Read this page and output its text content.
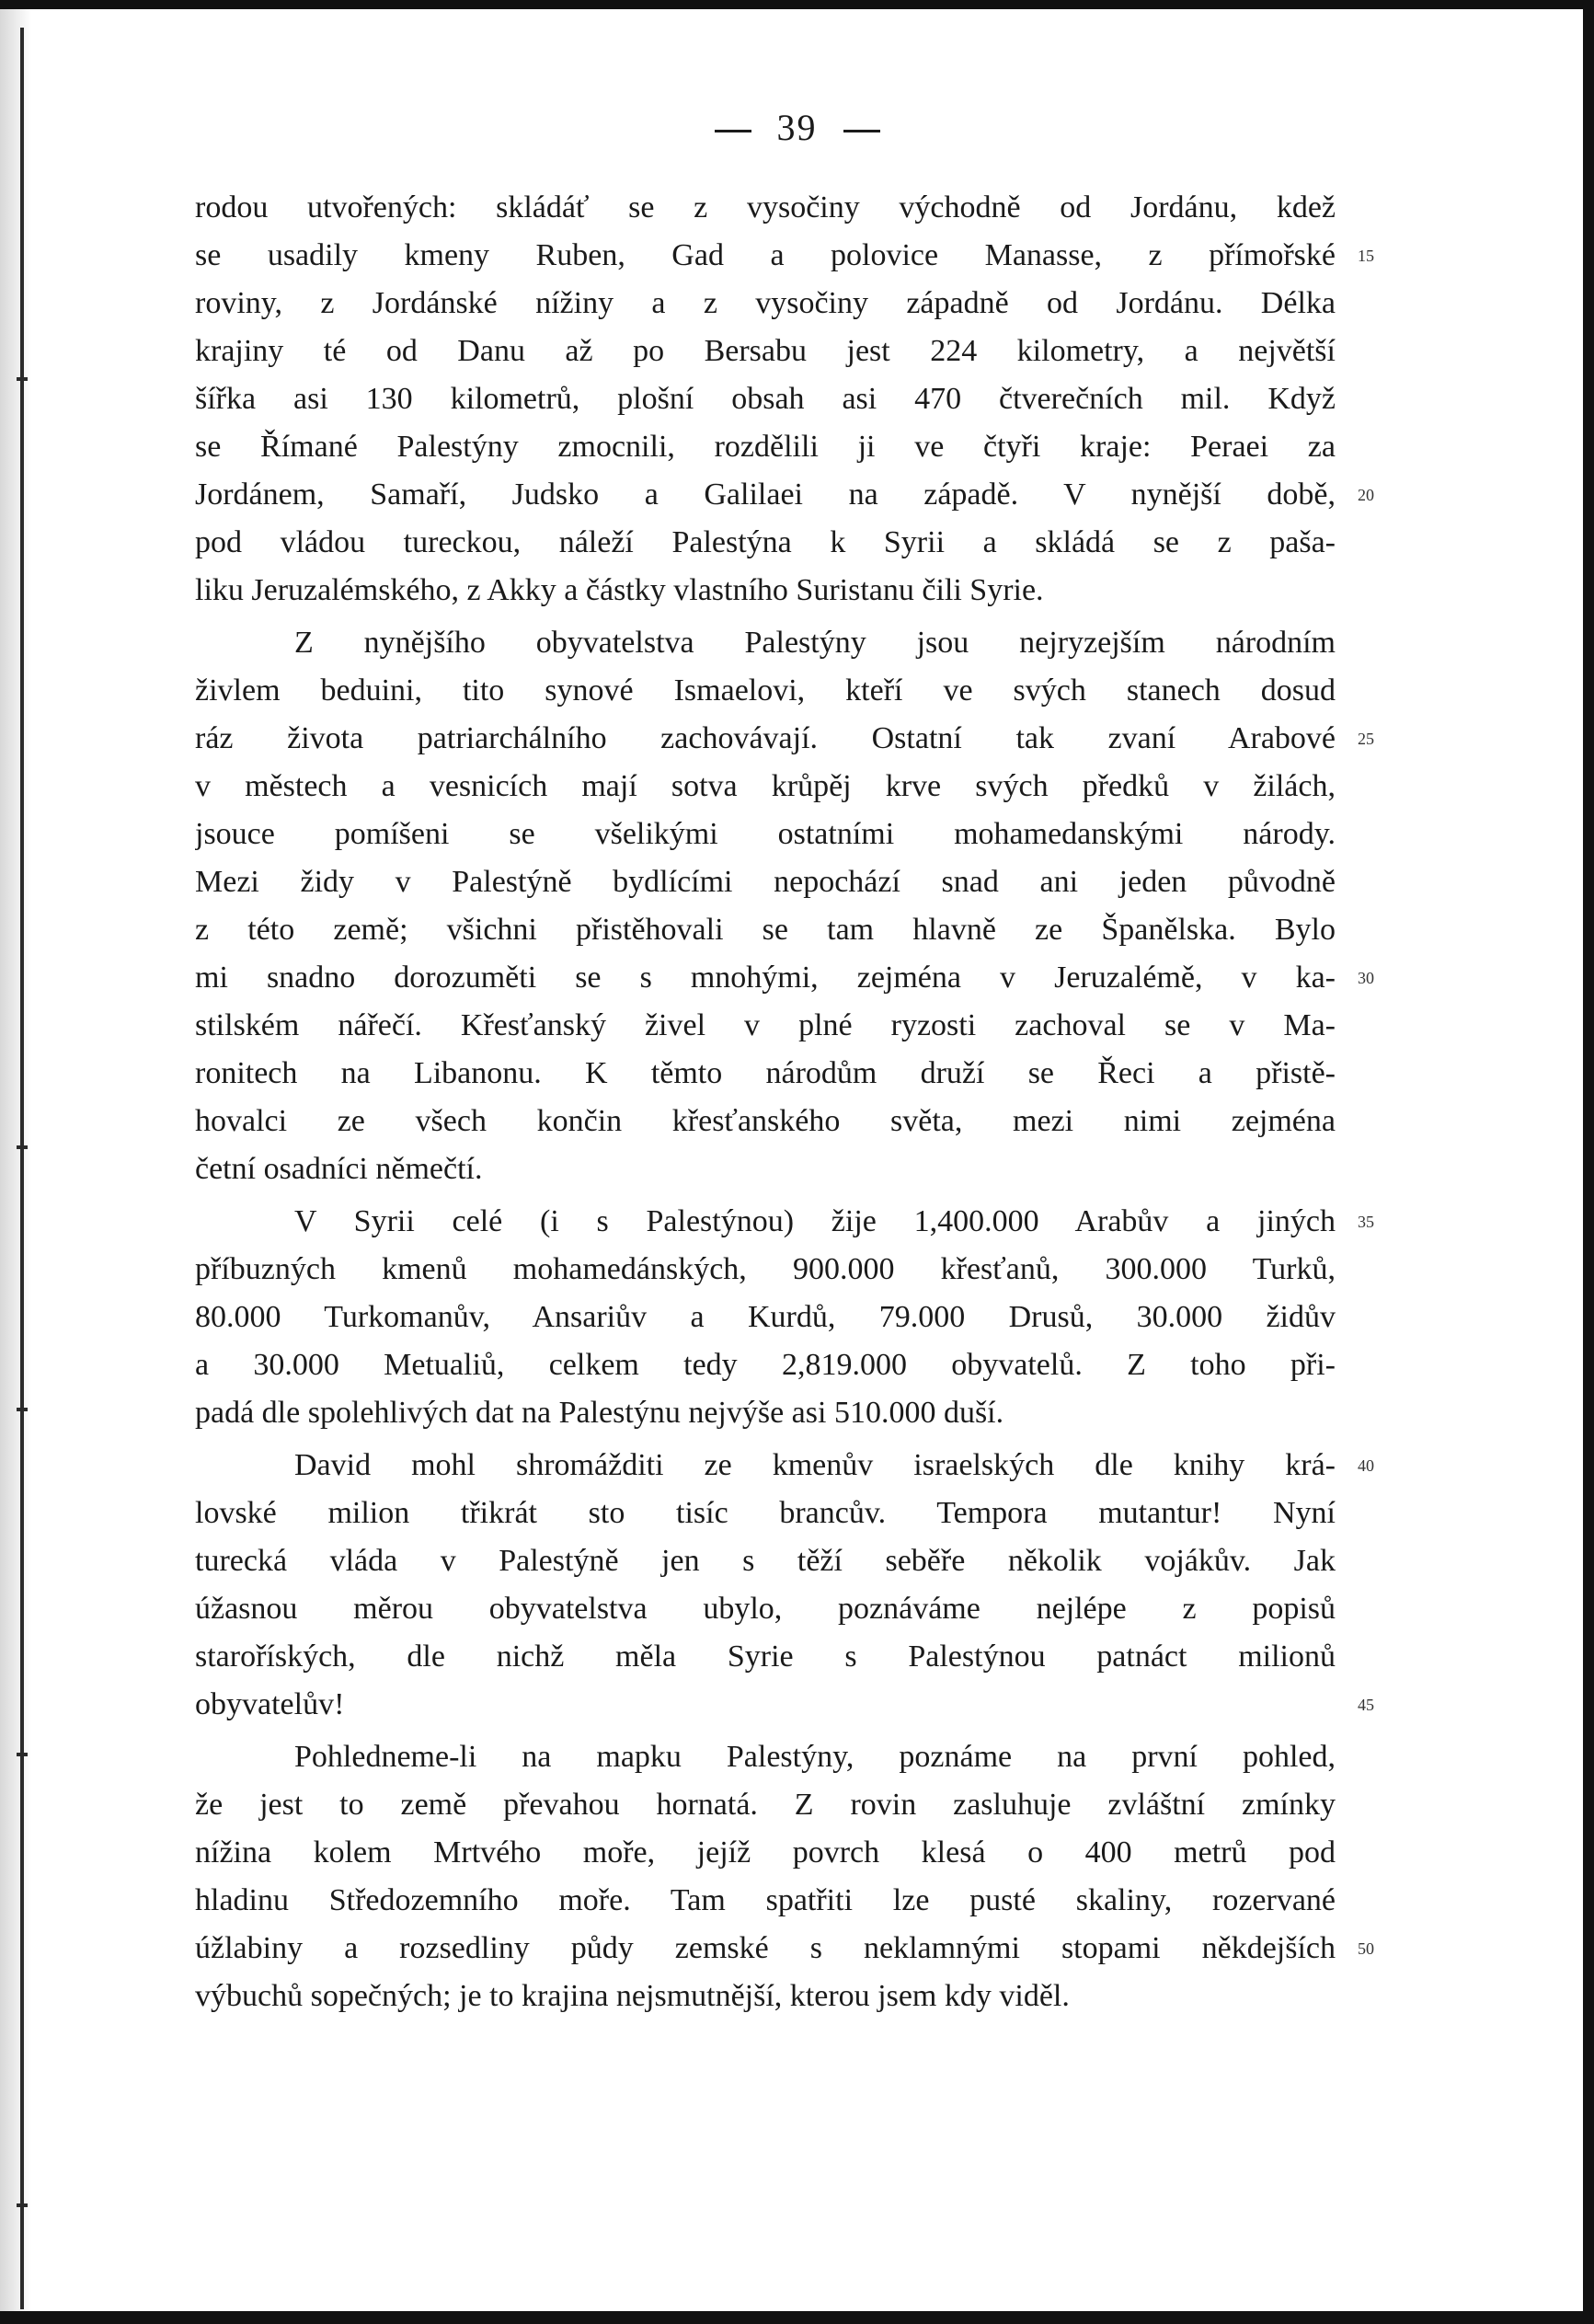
39
rodou utvořených: skládáť se z vysočiny východně od Jordánu, kdež
se usadily kmeny Ruben, Gad a polovice Manasse, z přímořské
roviny, z Jordánské nížiny a z vysočiny západně od Jordánu. Délka
krajiny té od Danu až po Bersabu jest 224 kilometry, a největší
šířka asi 130 kilometrů, plošní obsah asi 470 čtverečních mil. Když
se Římané Palestýny zmocnili, rozdělili ji ve čtyři kraje: Peraei za
Jordánem, Samaří, Judsko a Galilaei na západě. V nynější době,
pod vládou tureckou, náleží Palestýna k Syrii a skládá se z paša-
liku Jeruzalémského, z Akky a částky vlastního Suristanu čili Syrie.
Z nynějšího obyvatelstva Palestýny jsou nejryzejším národním
živlem beduini, tito synové Ismaelovi, kteří ve svých stanech dosud
ráz života patriarchálního zachovávají. Ostatní tak zvaní Arabové
v městech a vesnicích mají sotva krůpěj krve svých předků v žilách,
jsouce pomíšeni se všelikými ostatními mohamedanskými národy.
Mezi židy v Palestýně bydlícími nepochází snad ani jeden původně
z této země; všichni přistěhovali se tam hlavně ze Španělska. Bylo
mi snadno dorozuměti se s mnohými, zejména v Jeruzalémě, v ka-
stilském nářečí. Křesťanský živel v plné ryzosti zachoval se v Ma-
ronitech na Libanonu. K těmto národům druží se Řeci a přistě-
hovalci ze všech končin křesťanského světa, mezi nimi zejména
četní osadníci němečtí.
V Syrii celé (i s Palestýnou) žije 1,400.000 Arabův a jiných
příbuzných kmenů mohamedánských, 900.000 křesťanů, 300.000 Turků,
80.000 Turkomanův, Ansariův a Kurdů, 79.000 Drusů, 30.000 židův
a 30.000 Metualiů, celkem tedy 2,819.000 obyvatelů. Z toho při-
padá dle spolehlivých dat na Palestýnu nejvýše asi 510.000 duší.
David mohl shromážditi ze kmenův israelských dle knihy krá-
lovské milion třikrát sto tisíc brancův. Tempora mutantur! Nyní
turecká vláda v Palestýně jen s těží seběře několik vojákův. Jak
úžasnou měrou obyvatelstva ubylo, poznáváme nejlépe z popisů
staroříských, dle nichž měla Syrie s Palestýnou patnáct milionů
obyvatelův!
Pohledneme-li na mapku Palestýny, poznáme na první pohled,
že jest to země převahou hornatá. Z rovin zasluhuje zvláštní zmínky
nížina kolem Mrtvého moře, jejíž povrch klesá o 400 metrů pod
hladinu Středozemního moře. Tam spatřiti lze pusté skaliny, rozervané
úžlabiny a rozsedliny půdy zemské s neklamnými stopami někdejších
výbuchů sopečných; je to krajina nejsmutnější, kterou jsem kdy viděl.
15
20
25
30
35
40
45
50
